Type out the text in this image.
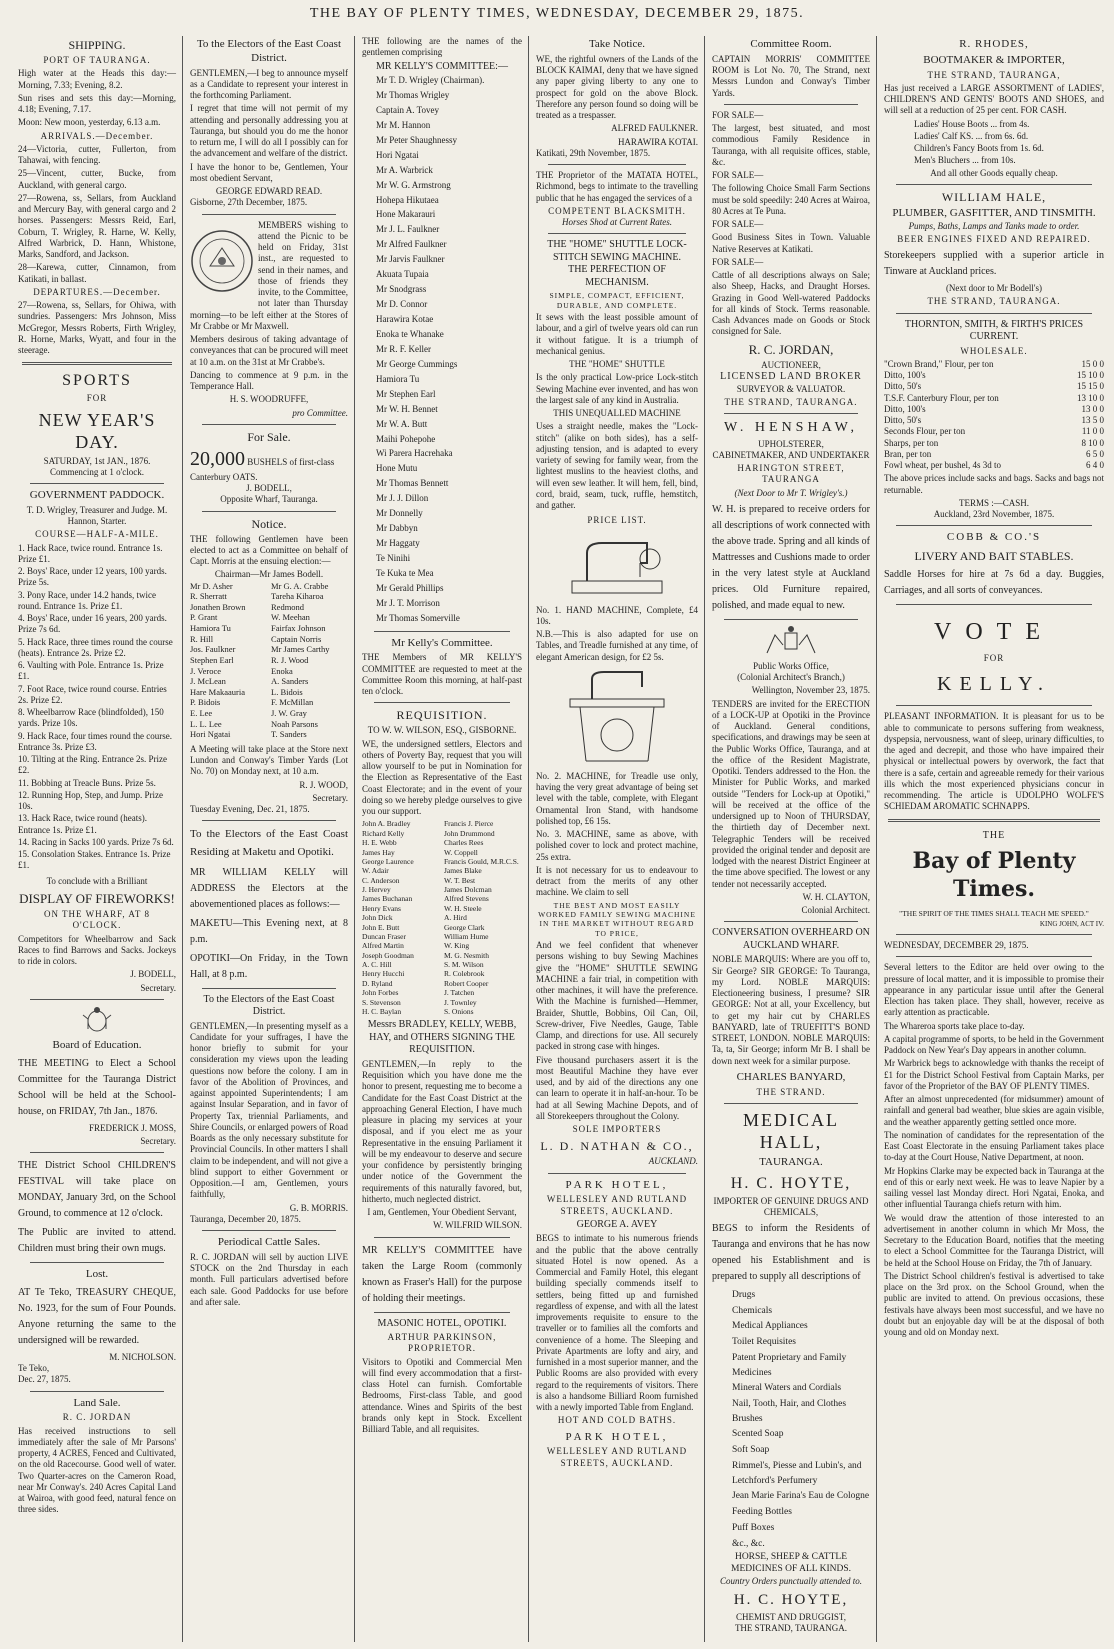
THE BAY OF PLENTY TIMES, WEDNESDAY, DECEMBER 29, 1875.
SHIPPING.
PORT OF TAURANGA.
High water at the Heads this day:—Morning, 7.33; Evening, 8.2.
Sun rises and sets this day:—Morning, 4.18; Evening, 7.17.
Moon: New moon, yesterday, 6.13 a.m.
ARRIVALS.—December.
24—Victoria, cutter, Fullerton, from Tahawai, with fencing.
25—Vincent, cutter, Bucke, from Auckland, with general cargo.
27—Rowena, ss, Sellars, from Auckland and Mercury Bay, with general cargo and 2 horses. Passengers: Messrs Reid, Earl, Coburn, T. Wrigley, R. Harne, W. Kelly, Alfred Warbrick, D. Hann, Whistone, Marks, Sandford, and Jackson.
28—Karewa, cutter, Cinnamon, from Katikati, in ballast.
DEPARTURES.—December.
27—Rowena, ss, Sellars, for Ohiwa, with sundries. Passengers: Mrs Johnson, Miss McGregor, Messrs Roberts, Firth Wrigley, R. Horne, Marks, Wyatt, and four in the steerage.
SPORTS
FOR
NEW YEAR'S DAY.
SATURDAY, 1st JAN., 1876.
Commencing at 1 o'clock.
GOVERNMENT PADDOCK.
T. D. Wrigley, Treasurer and Judge. M. Hannon, Starter.
COURSE—HALF-A-MILE.
1. Hack Race, twice round. Entrance 1s. Prize £1.
2. Boys' Race, under 12 years, 100 yards. Prize 5s.
3. Pony Race, under 14.2 hands, twice round. Entrance 1s. Prize £1.
4. Boys' Race, under 16 years, 200 yards. Prize 7s 6d.
5. Hack Race, three times round the course (heats). Entrance 2s. Prize £2.
6. Vaulting with Pole. Entrance 1s. Prize £1.
7. Foot Race, twice round course. Entries 2s. Prize £2.
8. Wheelbarrow Race (blindfolded), 150 yards. Prize 10s.
9. Hack Race, four times round the course. Entrance 3s. Prize £3.
10. Tilting at the Ring. Entrance 2s. Prize £2.
11. Bobbing at Treacle Buns. Prize 5s.
12. Running Hop, Step, and Jump. Prize 10s.
13. Hack Race, twice round (heats). Entrance 1s. Prize £1.
14. Racing in Sacks 100 yards. Prize 7s 6d.
15. Consolation Stakes. Entrance 1s. Prize £1.
To conclude with a Brilliant
DISPLAY OF FIREWORKS!
ON THE WHARF, AT 8 O'CLOCK.
Competitors for Wheelbarrow and Sack Races to find Barrows and Sacks. Jockeys to ride in colors.
J. BODELL,
Secretary.
Board of Education.
THE MEETING to Elect a School Committee for the Tauranga District School will be held at the School-house, on FRIDAY, 7th Jan., 1876.
FREDERICK J. MOSS,
Secretary.
THE District School CHILDREN'S FESTIVAL will take place on MONDAY, January 3rd, on the School Ground, to commence at 12 o'clock.
The Public are invited to attend. Children must bring their own mugs.
Lost.
AT Te Teko, TREASURY CHEQUE, No. 1923, for the sum of Four Pounds. Anyone returning the same to the undersigned will be rewarded.
M. NICHOLSON.
Te Teko,
Dec. 27, 1875.
Land Sale.
R. C. JORDAN
Has received instructions to sell immediately after the sale of Mr Parsons' property, 4 ACRES, Fenced and Cultivated, on the old Racecourse. Good well of water. Two Quarter-acres on the Cameron Road, near Mr Conway's. 240 Acres Capital Land at Wairoa, with good feed, natural fence on three sides.
To the Electors of the East Coast District.
GENTLEMEN,—I beg to announce myself as a Candidate to represent your interest in the forthcoming Parliament.
I regret that time will not permit of my attending and personally addressing you at Tauranga, but should you do me the honor to return me, I will do all I possibly can for the advancement and welfare of the district.
I have the honor to be, Gentlemen, Your most obedient Servant,
GEORGE EDWARD READ.
Gisborne, 27th December, 1875.
MEMBERS wishing to attend the Picnic to be held on Friday, 31st inst., are requested to send in their names, and those of friends they invite, to the Committee, not later than Thursday morning—to be left either at the Stores of Mr Crabbe or Mr Maxwell.
Members desirous of taking advantage of conveyances that can be procured will meet at 10 a.m. on the 31st at Mr Crabbe's.
Dancing to commence at 9 p.m. in the Temperance Hall.
H. S. WOODRUFFE,
pro Committee.
For Sale.
20,000 BUSHELS of first-class Canterbury OATS.
J. BODELL,
Opposite Wharf, Tauranga.
Notice.
THE following Gentlemen have been elected to act as a Committee on behalf of Capt. Morris at the ensuing election:—
Chairman—Mr James Bodell.
Mr D. Asher	Mr G. A. Crabbe
R. Sherratt	Tareha Kiharoa
Jonathen Brown	Redmond
P. Grant	W. Meehan
Hamiora Tu	Fairfax Johnson
R. Hill	Captain Norris
Jos. Faulkner	Mr James Carthy
Stephen Earl	R. J. Wood
J. Veroce	Enoka
J. McLean	A. Sanders
Hare Makaauria	L. Bidois
P. Bidois	F. McMillan
E. Lee	J. W. Gray
L. L. Lee	Noah Parsons
Hori Ngatai	T. Sanders
A Meeting will take place at the Store next Lundon and Conway's Timber Yards (Lot No. 70) on Monday next, at 10 a.m.
R. J. WOOD,
Secretary.
Tuesday Evening, Dec. 21, 1875.
To the Electors of the East Coast Residing at Maketu and Opotiki.
MR WILLIAM KELLY will ADDRESS the Electors at the abovementioned places as follows:—
MAKETU—This Evening next, at 8 p.m.
OPOTIKI—On Friday, in the Town Hall, at 8 p.m.
To the Electors of the East Coast District.
GENTLEMEN,—In presenting myself as a Candidate for your suffrages, I have the honor briefly to submit for your consideration my views upon the leading questions now before the colony. I am in favor of the Abolition of Provinces, and against appointed Superintendents; I am against Insular Separation, and in favor of Property Tax, triennial Parliaments, and Shire Councils, or enlarged powers of Road Boards as the only necessary substitute for Provincial Councils. In other matters I shall claim to be independent, and will not give a blind support to either Government or Opposition.—I am, Gentlemen, yours faithfully,
G. B. MORRIS.
Tauranga, December 20, 1875.
Periodical Cattle Sales.
R. C. JORDAN will sell by auction LIVE STOCK on the 2nd Thursday in each month. Full particulars advertised before each sale. Good Paddocks for use before and after sale.
THE following are the names of the gentlemen comprising
MR KELLY'S COMMITTEE:—
Mr T. D. Wrigley (Chairman).
Mr Thomas Wrigley
Captain A. Tovey
Mr M. Hannon
Mr Peter Shaughnessy
Hori Ngatai
Mr A. Warbrick
Mr W. G. Armstrong
Hohepa Hikutaea
Hone Makarauri
Mr J. L. Faulkner
Mr Alfred Faulkner
Mr Jarvis Faulkner
Akuata Tupaia
Mr Snodgrass
Mr D. Connor
Harawira Kotae
Enoka te Whanake
Mr R. F. Keller
Mr George Cummings
Hamiora Tu
Mr Stephen Earl
Mr W. H. Bennet
Mr W. A. Butt
Maihi Pohepohe
Wi Parera Hacrehaka
Hone Mutu
Mr Thomas Bennett
Mr J. J. Dillon
Mr Donnelly
Mr Dabbyn
Mr Haggaty
Te Ninihi
Te Kuka te Mea
Mr Gerald Phillips
Mr J. T. Morrison
Mr Thomas Somerville
Mr Kelly's Committee.
THE Members of MR KELLY'S COMMITTEE are requested to meet at the Committee Room this morning, at half-past ten o'clock.
REQUISITION.
TO W. W. WILSON, ESQ., GISBORNE.
WE, the undersigned settlers, Electors and others of Poverty Bay, request that you will allow yourself to be put in Nomination for the Election as Representative of the East Coast Electorate; and in the event of your doing so we hereby pledge ourselves to give you our support.
John A. Bradley	Francis J. Pierce
Richard Kelly	John Drummond
H. E. Webb	Charles Rees
James Hay	W. Coppell
George Laurence	Francis Gould, M.R.C.S.
W. Adair	James Blake
C. Anderson	W. T. Best
J. Hervey	James Dolcman
James Buchanan	Alfred Stevens
Henry Evans	W. H. Steele
John Dick	A. Hird
John E. Butt	George Clark
Duncan Fraser	William Hume
Alfred Martin	W. King
Joseph Goodman	M. G. Nesmith
A. C. Hill	S. M. Wilson
Henry Hucchi	R. Colebrook
D. Ryland	Robert Cooper
John Forbes	J. Tatchen
S. Stevenson	J. Townley
H. C. Baylan	S. Onions
Messrs BRADLEY, KELLY, WEBB, HAY, and OTHERS SIGNING THE REQUISITION.
GENTLEMEN,—In reply to the Requisition which you have done me the honor to present, requesting me to become a Candidate for the East Coast District at the approaching General Election, I have much pleasure in placing my services at your disposal, and if you elect me as your Representative in the ensuing Parliament it will be my endeavour to deserve and secure your confidence by persistently bringing under notice of the Government the requirements of this naturally favored, but, hitherto, much neglected district.
I am, Gentlemen, Your Obedient Servant,
W. WILFRID WILSON.
MR KELLY'S COMMITTEE have taken the Large Room (commonly known as Fraser's Hall) for the purpose of holding their meetings.
MASONIC HOTEL, OPOTIKI.
ARTHUR PARKINSON, PROPRIETOR.
Visitors to Opotiki and Commercial Men will find every accommodation that a first-class Hotel can furnish. Comfortable Bedrooms, First-class Table, and good attendance. Wines and Spirits of the best brands only kept in Stock. Excellent Billiard Table, and all requisites.
Take Notice.
WE, the rightful owners of the Lands of the BLOCK KAIMAI, deny that we have signed any paper giving liberty to any one to prospect for gold on the above Block. Therefore any person found so doing will be treated as a trespasser.
ALFRED FAULKNER.
HARAWIRA KOTAI.
Katikati, 29th November, 1875.
THE Proprietor of the MATATA HOTEL, Richmond, begs to intimate to the travelling public that he has engaged the services of a
COMPETENT BLACKSMITH.
Horses Shod at Current Rates.
THE "HOME" SHUTTLE LOCK-STITCH SEWING MACHINE.
THE PERFECTION OF MECHANISM.
SIMPLE, COMPACT, EFFICIENT, DURABLE, AND COMPLETE.
It sews with the least possible amount of labour, and a girl of twelve years old can run it without fatigue. It is a triumph of mechanical genius.
THE "HOME" SHUTTLE
Is the only practical Low-price Lock-stitch Sewing Machine ever invented, and has won the largest sale of any kind in Australia.
THIS UNEQUALLED MACHINE
Uses a straight needle, makes the "Lock-stitch" (alike on both sides), has a self-adjusting tension, and is adapted to every variety of sewing for family wear, from the lightest muslins to the heaviest cloths, and will even sew leather. It will hem, fell, bind, cord, braid, seam, tuck, ruffle, hemstitch, and gather.
PRICE LIST.
No. 1. HAND MACHINE, Complete, £4 10s.
N.B.—This is also adapted for use on Tables, and Treadle furnished at any time, of elegant American design, for £2 5s.
No. 2. MACHINE, for Treadle use only, having the very great advantage of being set level with the table, complete, with Elegant Ornamental Iron Stand, with handsome polished top, £6 15s.
No. 3. MACHINE, same as above, with polished cover to lock and protect machine, 25s extra.
It is not necessary for us to endeavour to detract from the merits of any other machine. We claim to sell
THE BEST AND MOST EASILY WORKED FAMILY SEWING MACHINE IN THE MARKET WITHOUT REGARD TO PRICE,
And we feel confident that whenever persons wishing to buy Sewing Machines give the "HOME" SHUTTLE SEWING MACHINE a fair trial, in competition with other machines, it will have the preference. With the Machine is furnished—Hemmer, Braider, Shuttle, Bobbins, Oil Can, Oil, Screw-driver, Five Needles, Gauge, Table Clamp, and directions for use. All securely packed in strong case with hinges.
Five thousand purchasers assert it is the most Beautiful Machine they have ever used, and by aid of the directions any one can learn to operate it in half-an-hour. To be had at all Sewing Machine Depots, and of all Storekeepers throughout the Colony.
SOLE IMPORTERS
L. D. NATHAN & CO.,
AUCKLAND.
PARK HOTEL,
WELLESLEY AND RUTLAND STREETS, AUCKLAND.
GEORGE A. AVEY
BEGS to intimate to his numerous friends and the public that the above centrally situated Hotel is now opened. As a Commercial and Family Hotel, this elegant building specially commends itself to settlers, being fitted up and furnished regardless of expense, and with all the latest improvements requisite to ensure to the traveller or to families all the comforts and convenience of a home. The Sleeping and Private Apartments are lofty and airy, and furnished in a most superior manner, and the Public Rooms are also provided with every regard to the requirements of visitors. There is also a handsome Billiard Room furnished with a newly imported Table from England.
HOT AND COLD BATHS.
PARK HOTEL,
WELLESLEY AND RUTLAND STREETS, AUCKLAND.
Committee Room.
CAPTAIN MORRIS' COMMITTEE ROOM is Lot No. 70, The Strand, next Messrs Lundon and Conway's Timber Yards.
FOR SALE—
The largest, best situated, and most commodious Family Residence in Tauranga, with all requisite offices, stable, &c.
FOR SALE—
The following Choice Small Farm Sections must be sold speedily: 240 Acres at Wairoa, 80 Acres at Te Puna.
FOR SALE—
Good Business Sites in Town. Valuable Native Reserves at Katikati.
FOR SALE—
Cattle of all descriptions always on Sale; also Sheep, Hacks, and Draught Horses. Grazing in Good Well-watered Paddocks for all kinds of Stock. Terms reasonable. Cash Advances made on Goods or Stock consigned for Sale.
R. C. JORDAN,
AUCTIONEER,
LICENSED LAND BROKER
SURVEYOR & VALUATOR.
THE STRAND, TAURANGA.
W. HENSHAW,
UPHOLSTERER,
CABINETMAKER, AND UNDERTAKER
HARINGTON STREET, TAURANGA
(Next Door to Mr T. Wrigley's.)
W. H. is prepared to receive orders for all descriptions of work connected with the above trade. Spring and all kinds of Mattresses and Cushions made to order in the very latest style at Auckland prices. Old Furniture repaired, polished, and made equal to new.
Public Works Office,
(Colonial Architect's Branch,)
Wellington, November 23, 1875.
TENDERS are invited for the ERECTION of a LOCK-UP at Opotiki in the Province of Auckland. General conditions, specifications, and drawings may be seen at the Public Works Office, Tauranga, and at the office of the Resident Magistrate, Opotiki. Tenders addressed to the Hon. the Minister for Public Works, and marked outside "Tenders for Lock-up at Opotiki," will be received at the office of the undersigned up to Noon of THURSDAY, the thirtieth day of December next. Telegraphic Tenders will be received provided the original tender and deposit are lodged with the nearest District Engineer at the time above specified. The lowest or any tender not necessarily accepted.
W. H. CLAYTON,
Colonial Architect.
CONVERSATION OVERHEARD ON AUCKLAND WHARF.
NOBLE MARQUIS: Where are you off to, Sir George? SIR GEORGE: To Tauranga, my Lord. NOBLE MARQUIS: Electioneering business, I presume? SIR GEORGE: Not at all, your Excellency, but to get my hair cut by CHARLES BANYARD, late of TRUEFITT'S BOND STREET, LONDON. NOBLE MARQUIS: Ta, ta, Sir George; inform Mr B. I shall be down next week for a similar purpose.
CHARLES BANYARD,
THE STRAND.
MEDICAL HALL,
TAURANGA.
H. C. HOYTE,
IMPORTER OF GENUINE DRUGS AND CHEMICALS,
BEGS to inform the Residents of Tauranga and environs that he has now opened his Establishment and is prepared to supply all descriptions of
Drugs
Chemicals
Medical Appliances
Toilet Requisites
Patent Proprietary and Family Medicines
Mineral Waters and Cordials
Nail, Tooth, Hair, and Clothes Brushes
Scented Soap
Soft Soap
Rimmel's, Piesse and Lubin's, and Letchford's Perfumery
Jean Marie Farina's Eau de Cologne
Feeding Bottles
Puff Boxes
&c., &c.
HORSE, SHEEP & CATTLE MEDICINES OF ALL KINDS.
Country Orders punctually attended to.
H. C. HOYTE,
CHEMIST AND DRUGGIST,
THE STRAND, TAURANGA.
R. RHODES,
BOOTMAKER & IMPORTER,
THE STRAND, TAURANGA,
Has just received a LARGE ASSORTMENT of LADIES', CHILDREN'S AND GENTS' BOOTS AND SHOES, and will sell at a reduction of 25 per cent. FOR CASH.
Ladies' House Boots ... from 4s.
Ladies' Calf KS. ... from 6s. 6d.
Children's Fancy Boots from 1s. 6d.
Men's Bluchers ... from 10s.
And all other Goods equally cheap.
WILLIAM HALE,
PLUMBER, GASFITTER, AND TINSMITH.
Pumps, Baths, Lamps and Tanks made to order.
BEER ENGINES FIXED AND REPAIRED.
Storekeepers supplied with a superior article in Tinware at Auckland prices.
(Next door to Mr Bodell's)
THE STRAND, TAURANGA.
THORNTON, SMITH, & FIRTH'S PRICES CURRENT.
WHOLESALE.
"Crown Brand," Flour, per ton	15 0 0
Ditto, 100's	15 10 0
Ditto, 50's	15 15 0
T.S.F. Canterbury Flour, per ton	13 10 0
Ditto, 100's	13 0 0
Ditto, 50's	13 5 0
Seconds Flour, per ton	11 0 0
Sharps, per ton	8 10 0
Bran, per ton	6 5 0
Fowl wheat, per bushel, 4s 3d to	6 4 0
The above prices include sacks and bags. Sacks and bags not returnable.
TERMS :—CASH.
Auckland, 23rd November, 1875.
COBB & CO.'S
LIVERY AND BAIT STABLES.
Saddle Horses for hire at 7s 6d a day. Buggies, Carriages, and all sorts of conveyances.
VOTE
FOR
KELLY.
PLEASANT INFORMATION. It is pleasant for us to be able to communicate to persons suffering from weakness, dyspepsia, nervousness, want of sleep, urinary difficulties, to the aged and decrepit, and those who have impaired their physical or intellectual powers by overwork, the fact that there is a safe, certain and agreeable remedy for their various ills which the most experienced physicians concur in recommending. The article is UDOLPHO WOLFE'S SCHIEDAM AROMATIC SCHNAPPS.
THE
Bay of Plenty Times.
"THE SPIRIT OF THE TIMES SHALL TEACH ME SPEED."
KING JOHN, ACT IV.
WEDNESDAY, DECEMBER 29, 1875.
Several letters to the Editor are held over owing to the pressure of local matter, and it is impossible to promise their appearance in any particular issue until after the General Election has taken place. They shall, however, receive as early attention as practicable.
The Whareroa sports take place to-day.
A capital programme of sports, to be held in the Government Paddock on New Year's Day appears in another column.
Mr Warbrick begs to acknowledge with thanks the receipt of £1 for the District School Festival from Captain Marks, per favor of the Proprietor of the BAY OF PLENTY TIMES.
After an almost unprecedented (for midsummer) amount of rainfall and general bad weather, blue skies are again visible, and the weather apparently getting settled once more.
The nomination of candidates for the representation of the East Coast Electorate in the ensuing Parliament takes place to-day at the Court House, Native Department, at noon.
Mr Hopkins Clarke may be expected back in Tauranga at the end of this or early next week. He was to leave Napier by a sailing vessel last Monday direct. Hori Ngatai, Enoka, and other influential Tauranga chiefs return with him.
We would draw the attention of those interested to an advertisement in another column in which Mr Moss, the Secretary to the Education Board, notifies that the meeting to elect a School Committee for the Tauranga District, will be held at the School House on Friday, the 7th of January.
The District School children's festival is advertised to take place on the 3rd prox. on the School Ground, when the public are invited to attend. On previous occasions, these festivals have always been most successful, and we have no doubt but an enjoyable day will be at the disposal of both young and old on Monday next.
